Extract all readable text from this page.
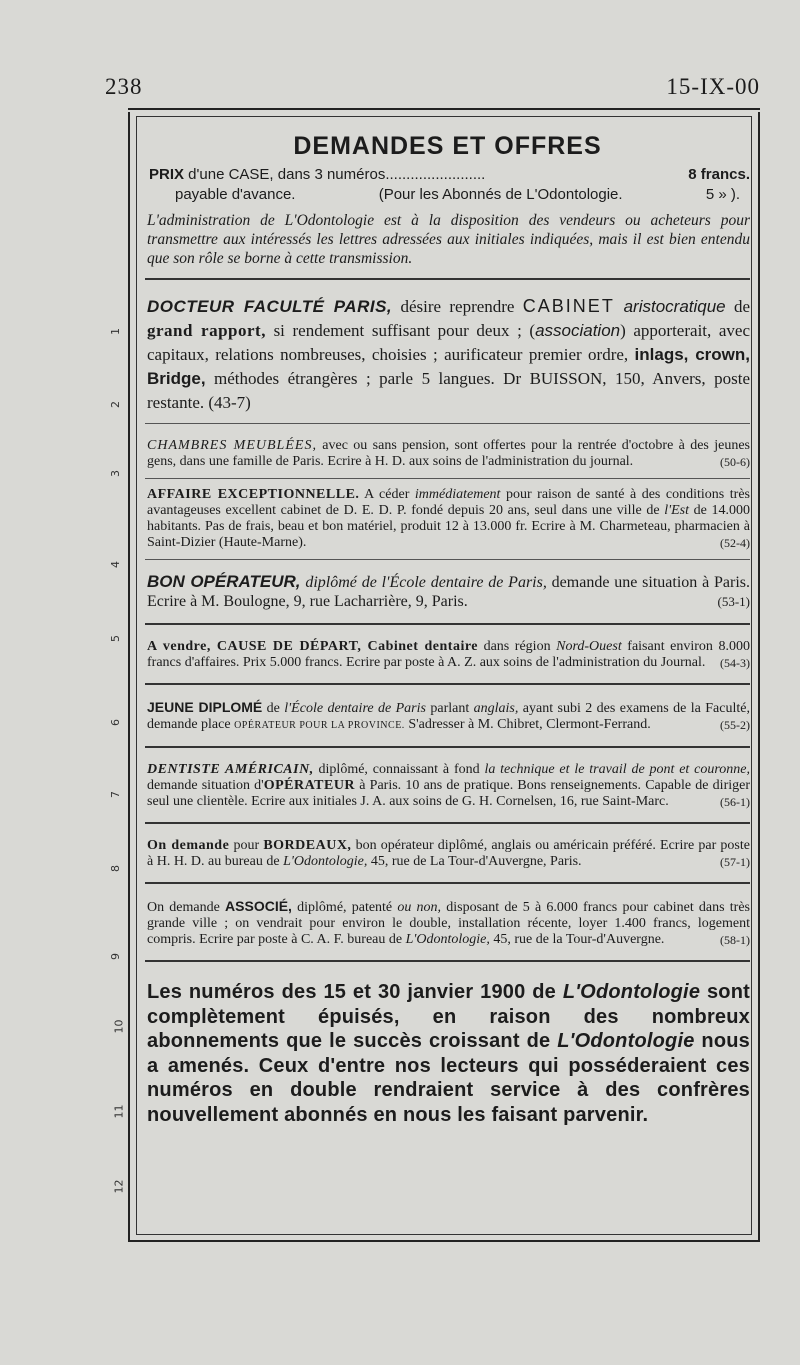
238	15-IX-00
1
2
3
4
5
6
7
8
9
10
11
12
DEMANDES ET OFFRES
PRIX d'une CASE, dans 3 numéros........................	8 francs.
payable d'avance.	(Pour les Abonnés de L'Odontologie.	5 » ).

L'administration de L'Odontologie est à la disposition des vendeurs ou acheteurs pour transmettre aux intéressés les lettres adressées aux initiales indiquées, mais il est bien entendu que son rôle se borne à cette transmission.

DOCTEUR FACULTÉ PARIS, désire reprendre CABINET aristocratique de grand rapport, si rendement suffisant pour deux ; (association) apporterait, avec capitaux, relations nombreuses, choisies ; aurificateur premier ordre, inlags, crown, Bridge, méthodes étrangères ; parle 5 langues. Dr BUISSON, 150, Anvers, poste restante. (43-7)

CHAMBRES MEUBLÉES, avec ou sans pension, sont offertes pour la rentrée d'octobre à des jeunes gens, dans une famille de Paris. Ecrire à H. D. aux soins de l'administration du journal.	(50-6)

AFFAIRE EXCEPTIONNELLE. A céder immédiatement pour raison de santé à des conditions très avantageuses excellent cabinet de D. E. D. P. fondé depuis 20 ans, seul dans une ville de l'Est de 14.000 habitants. Pas de frais, beau et bon matériel, produit 12 à 13.000 fr. Ecrire à M. Charmeteau, pharmacien à Saint-Dizier (Haute-Marne).	(52-4)

BON OPÉRATEUR, diplômé de l'École dentaire de Paris, demande une situation à Paris. Ecrire à M. Boulogne, 9, rue Lacharrière, 9, Paris.	(53-1)

A vendre, CAUSE DE DÉPART, Cabinet dentaire dans région Nord-Ouest faisant environ 8.000 francs d'affaires. Prix 5.000 francs. Ecrire par poste à A. Z. aux soins de l'administration du Journal. (54-3)

JEUNE DIPLOMÉ de l'École dentaire de Paris parlant anglais, ayant subi 2 des examens de la Faculté, demande place OPÉRATEUR POUR LA PROVINCE. S'adresser à M. Chibret, Clermont-Ferrand.	(55-2)

DENTISTE AMÉRICAIN, diplômé, connaissant à fond la technique et le travail de pont et couronne, demande situation d'OPÉRATEUR à Paris. 10 ans de pratique. Bons renseignements. Capable de diriger seul une clientèle. Ecrire aux initiales J. A. aux soins de G. H. Cornelsen, 16, rue Saint-Marc.	(56-1)

On demande pour BORDEAUX, bon opérateur diplômé, anglais ou américain préféré. Ecrire par poste à H. H. D. au bureau de L'Odontologie, 45, rue de La Tour-d'Auvergne, Paris.	(57-1)

On demande ASSOCIÉ, diplômé, patenté ou non, disposant de 5 à 6.000 francs pour cabinet dans très grande ville ; on vendrait pour environ le double, installation récente, loyer 1.400 francs, logement compris. Ecrire par poste à C. A. F. bureau de L'Odontologie, 45, rue de la Tour-d'Auvergne.	(58-1)

Les numéros des 15 et 30 janvier 1900 de L'Odontologie sont complètement épuisés, en raison des nombreux abonnements que le succès croissant de L'Odontologie nous a amenés. Ceux d'entre nos lecteurs qui posséderaient ces numéros en double rendraient service à des confrères nouvellement abonnés en nous les faisant parvenir.
